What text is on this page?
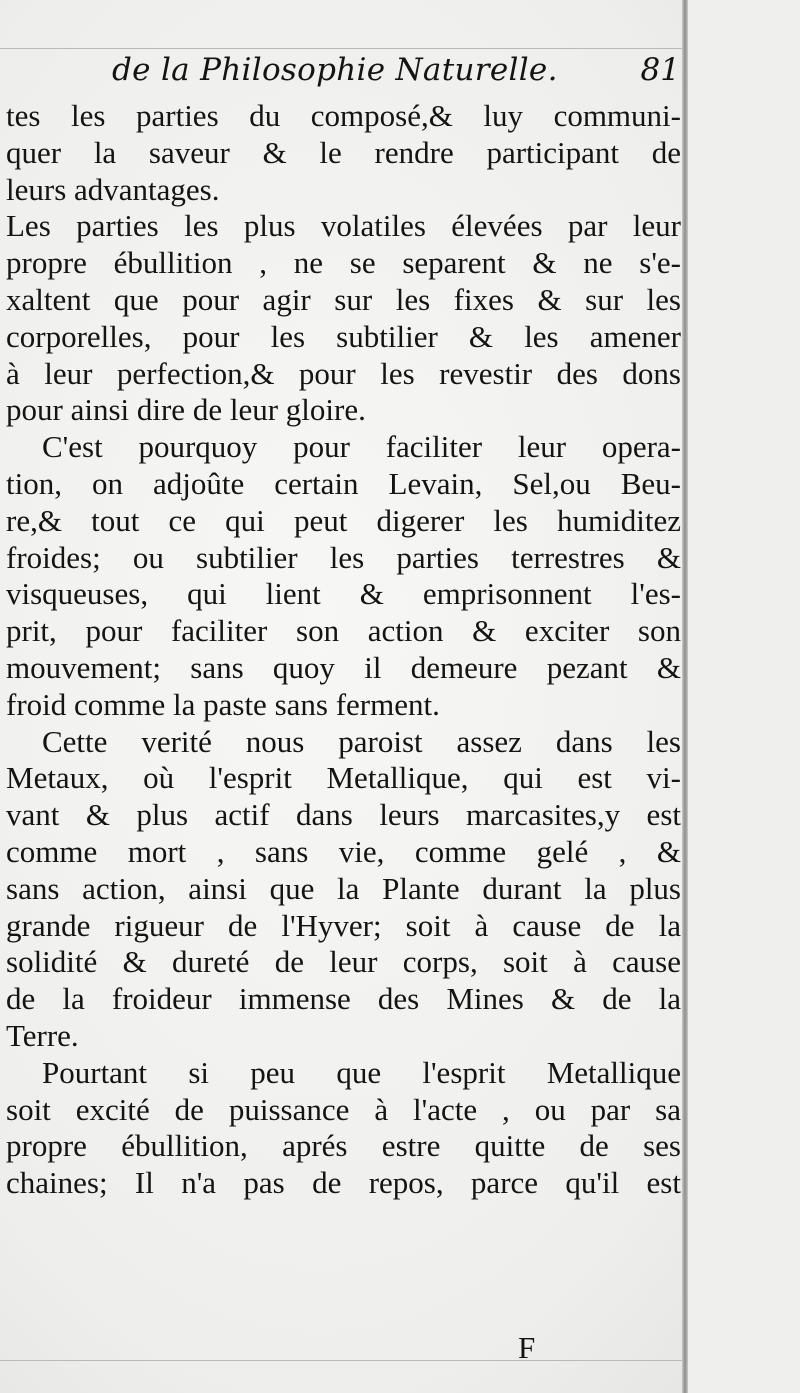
de la Philosophie Naturelle.	81
tes les parties du composé,& luy communi-
quer la saveur & le rendre participant de
leurs advantages.
Les parties les plus volatiles élevées par leur
propre ébullition , ne se separent & ne s'e-
xaltent que pour agir sur les fixes & sur les
corporelles, pour les subtilier & les amener
à leur perfection,& pour les revestir des dons
pour ainsi dire de leur gloire.
C'est pourquoy pour faciliter leur opera-
tion, on adjoûte certain Levain, Sel,ou Beu-
re,& tout ce qui peut digerer les humiditez
froides; ou subtilier les parties terrestres &
visqueuses, qui lient & emprisonnent l'es-
prit, pour faciliter son action & exciter son
mouvement; sans quoy il demeure pezant &
froid comme la paste sans ferment.
Cette verité nous paroist assez dans les
Metaux, où l'esprit Metallique, qui est vi-
vant & plus actif dans leurs marcasites,y est
comme mort , sans vie, comme gelé , &
sans action, ainsi que la Plante durant la plus
grande rigueur de l'Hyver; soit à cause de la
solidité & dureté de leur corps, soit à cause
de la froideur immense des Mines & de la
Terre.
Pourtant si peu que l'esprit Metallique
soit excité de puissance à l'acte , ou par sa
propre ébullition, aprés estre quitte de ses
chaines; Il n'a pas de repos, parce qu'il est
F
